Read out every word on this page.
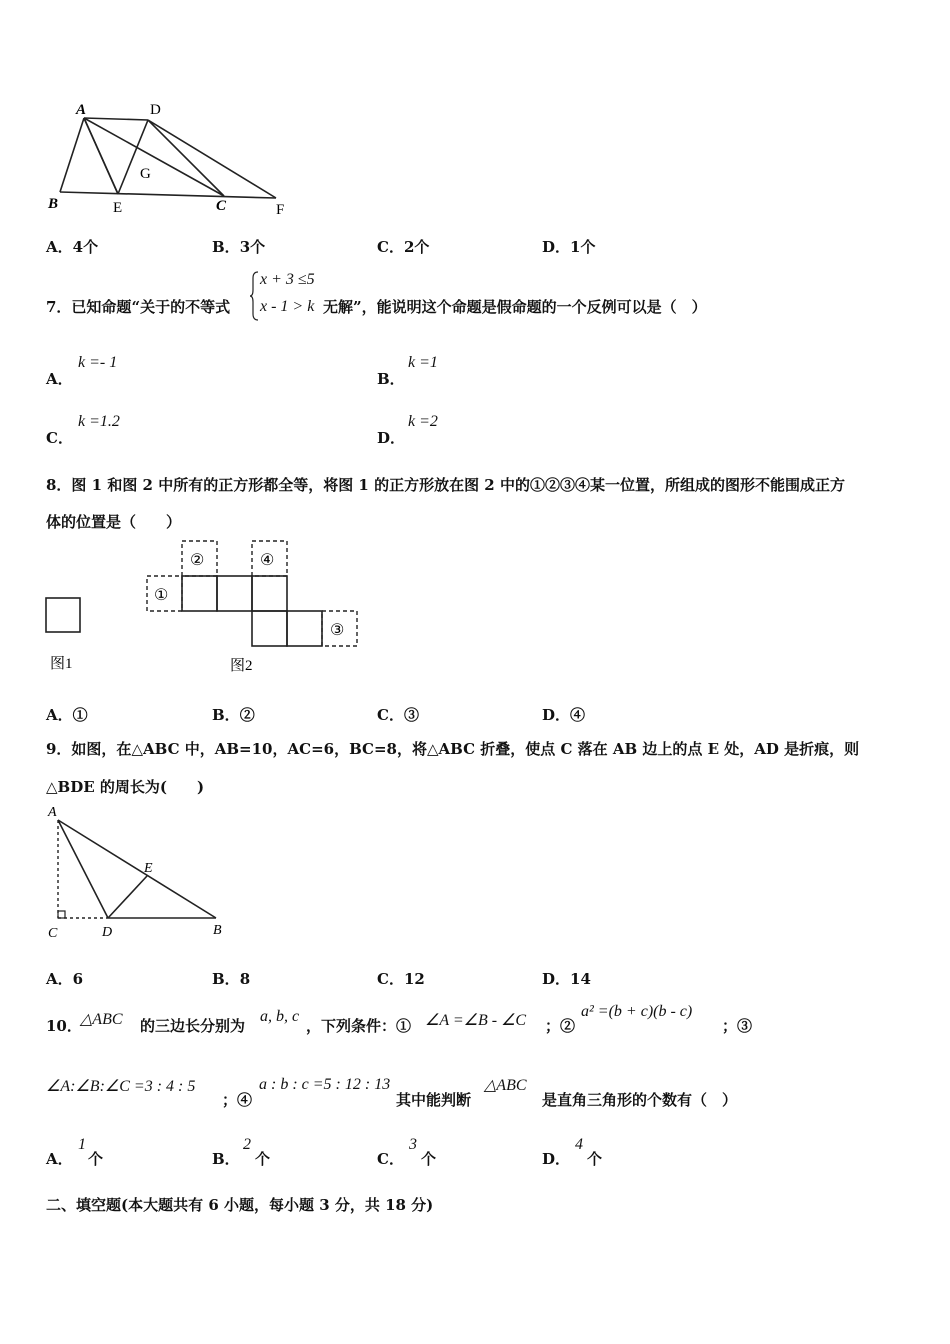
A	D
G
B	E	C	F
A．4个	B．3个	C．2个	D．1个
7．已知命题“关于的不等式
x + 3 ≤5
x - 1 > k 无解”，能说明这个命题是假命题的一个反例可以是（　）
A．
k =- 1
B．
k =1
C．
k =1.2
D．
k =2
8．图 1 和图 2 中所有的正方形都全等，将图 1 的正方形放在图 2 中的①②③④某一位置，所组成的图形不能围成正方
体的位置是（　　）
①
②	④
③
图1	图2
A．①	B．②	C．③	D．④
9．如图，在△ABC 中，AB=10，AC=6，BC=8，将△ABC 折叠，使点 C 落在 AB 边上的点 E 处，AD 是折痕，则
△BDE 的周长为(　　)
A
E
C	D	B
A．6	B．8	C．12	D．14
10．
△ABC 的三边长分别为
a, b, c
，下列条件：① ∠A =∠B - ∠C ；②
a² =(b + c)(b - c)
；③
∠A:∠B:∠C =3 : 4 : 5
；④
a : b : c =5 : 12 : 13
其中能判断
△ABC
是直角三角形的个数有（　）
A．
1
个	B．
2
个	C．
3
个	D．
4
个
二、填空题(本大题共有 6 小题，每小题 3 分，共 18 分)
